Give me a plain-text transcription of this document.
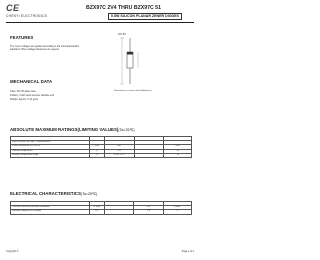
CE
CHENYI ELECTRONICS
BZX97C 2V4 THRU BZX97C 51
0.5W SILICON PLANAR ZENER DIODES
FEATURES
The zener voltages are graded according to the international E24 standard. Other voltage tolerances on request.
DO-35
Dimensions in inches and (millimeters)
MECHANICAL DATA
Case: DO-35 glass case
Polarity: Color band denotes cathode end
Weight: Approx. 0.13 gram
ABSOLUTE MAXIMUM RATINGS(LIMITING VALUES)(Ta=25℃)

Zener current see table "Characteristics"				
Power dissipation at Ta=25℃	Ptot	500		mW
Junction temperature	Tj	175		℃
Storage temperature range	Ts	-65 to +175		℃
ELECTRICAL CHARACTERISTICS(Ta=25℃)

Thermal resistance junction to ambient	R th ja		0.3	K/mW
Forward voltage at IF=100mA	VF		1.0	V
Copyright ©	Page 1 of 2
